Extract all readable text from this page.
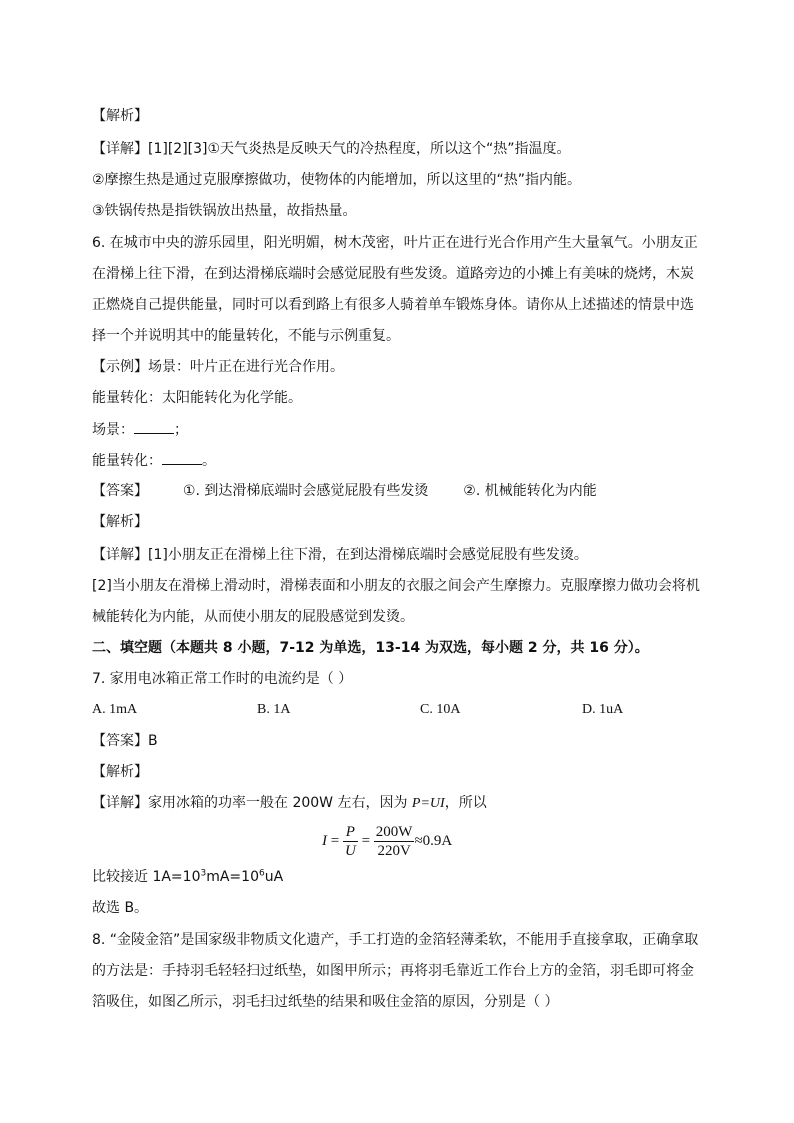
【解析】
【详解】[1][2][3]①天气炎热是反映天气的冷热程度，所以这个“热”指温度。
②摩擦生热是通过克服摩擦做功，使物体的内能增加，所以这里的“热”指内能。
③铁锅传热是指铁锅放出热量，故指热量。
6. 在城市中央的游乐园里，阳光明媚，树木茂密，叶片正在进行光合作用产生大量氧气。小朋友正
在滑梯上往下滑，在到达滑梯底端时会感觉屁股有些发烫。道路旁边的小摊上有美味的烧烤，木炭
正燃烧自己提供能量，同时可以看到路上有很多人骑着单车锻炼身体。请你从上述描述的情景中选
择一个并说明其中的能量转化，不能与示例重复。
【示例】场景：叶片正在进行光合作用。
能量转化：太阳能转化为化学能。
场景：	；
能量转化：	。
【答案】 ①. 到达滑梯底端时会感觉屁股有些发烫 ②. 机械能转化为内能
【解析】
【详解】[1]小朋友正在滑梯上往下滑，在到达滑梯底端时会感觉屁股有些发烫。
[2]当小朋友在滑梯上滑动时，滑梯表面和小朋友的衣服之间会产生摩擦力。克服摩擦力做功会将机
械能转化为内能，从而使小朋友的屁股感觉到发烫。
二、填空题（本题共 8 小题，7-12 为单选，13-14 为双选，每小题 2 分，共 16 分）。
7. 家用电冰箱正常工作时的电流约是（ ）
A. 1mA	B. 1A	C. 10A	D. 1uA
【答案】B
【解析】
【详解】家用冰箱的功率一般在 200W 左右，因为 P=UI，所以
$I = \frac{P}{U} = \frac{200W}{220V} \approx 0.9A$
比较接近 $1A=10^3mA=10^6uA$
故选 B。
8. “金陵金箔”是国家级非物质文化遗产，手工打造的金箔轻薄柔软，不能用手直接拿取，正确拿取
的方法是：手持羽毛轻轻扫过纸垫，如图甲所示；再将羽毛靠近工作台上方的金箔，羽毛即可将金
箔吸住，如图乙所示，羽毛扫过纸垫的结果和吸住金箔的原因，分别是（ ）
